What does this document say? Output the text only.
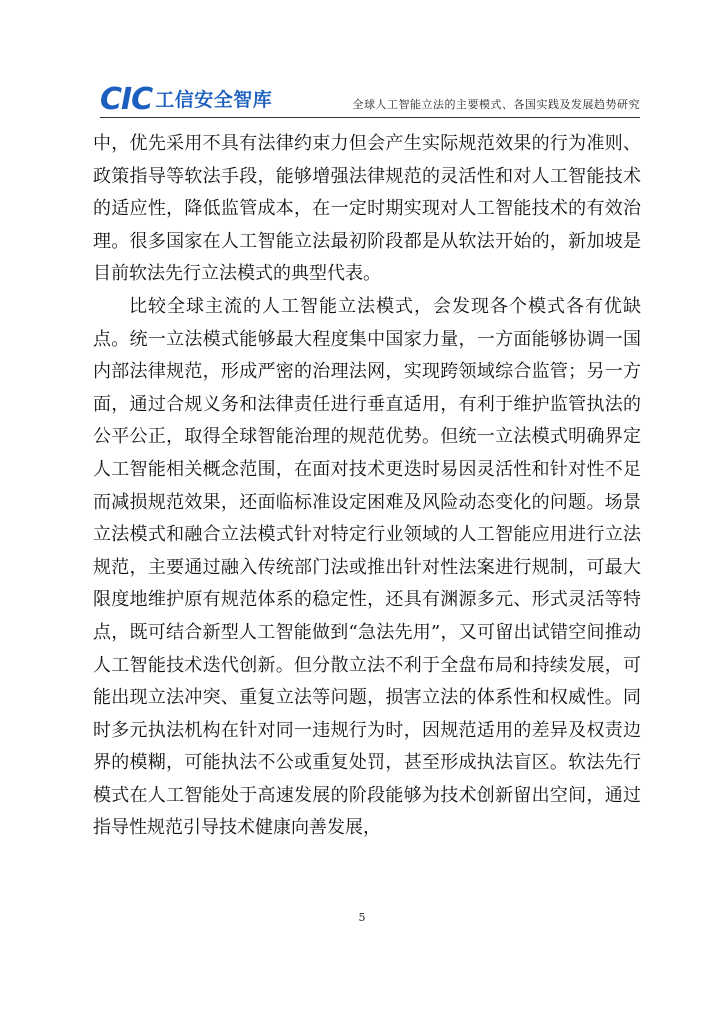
CIC 工信安全智库	全球人工智能立法的主要模式、各国实践及发展趋势研究

中，优先采用不具有法律约束力但会产生实际规范效果的行为准则、政策指导等软法手段，能够增强法律规范的灵活性和对人工智能技术的适应性，降低监管成本，在一定时期实现对人工智能技术的有效治理。很多国家在人工智能立法最初阶段都是从软法开始的，新加坡是目前软法先行立法模式的典型代表。

比较全球主流的人工智能立法模式，会发现各个模式各有优缺点。统一立法模式能够最大程度集中国家力量，一方面能够协调一国内部法律规范，形成严密的治理法网，实现跨领域综合监管；另一方面，通过合规义务和法律责任进行垂直适用，有利于维护监管执法的公平公正，取得全球智能治理的规范优势。但统一立法模式明确界定人工智能相关概念范围，在面对技术更迭时易因灵活性和针对性不足而减损规范效果，还面临标准设定困难及风险动态变化的问题。场景立法模式和融合立法模式针对特定行业领域的人工智能应用进行立法规范，主要通过融入传统部门法或推出针对性法案进行规制，可最大限度地维护原有规范体系的稳定性，还具有渊源多元、形式灵活等特点，既可结合新型人工智能做到“急法先用”，又可留出试错空间推动人工智能技术迭代创新。但分散立法不利于全盘布局和持续发展，可能出现立法冲突、重复立法等问题，损害立法的体系性和权威性。同时多元执法机构在针对同一违规行为时，因规范适用的差异及权责边界的模糊，可能执法不公或重复处罚，甚至形成执法盲区。软法先行模式在人工智能处于高速发展的阶段能够为技术创新留出空间，通过指导性规范引导技术健康向善发展，

5
